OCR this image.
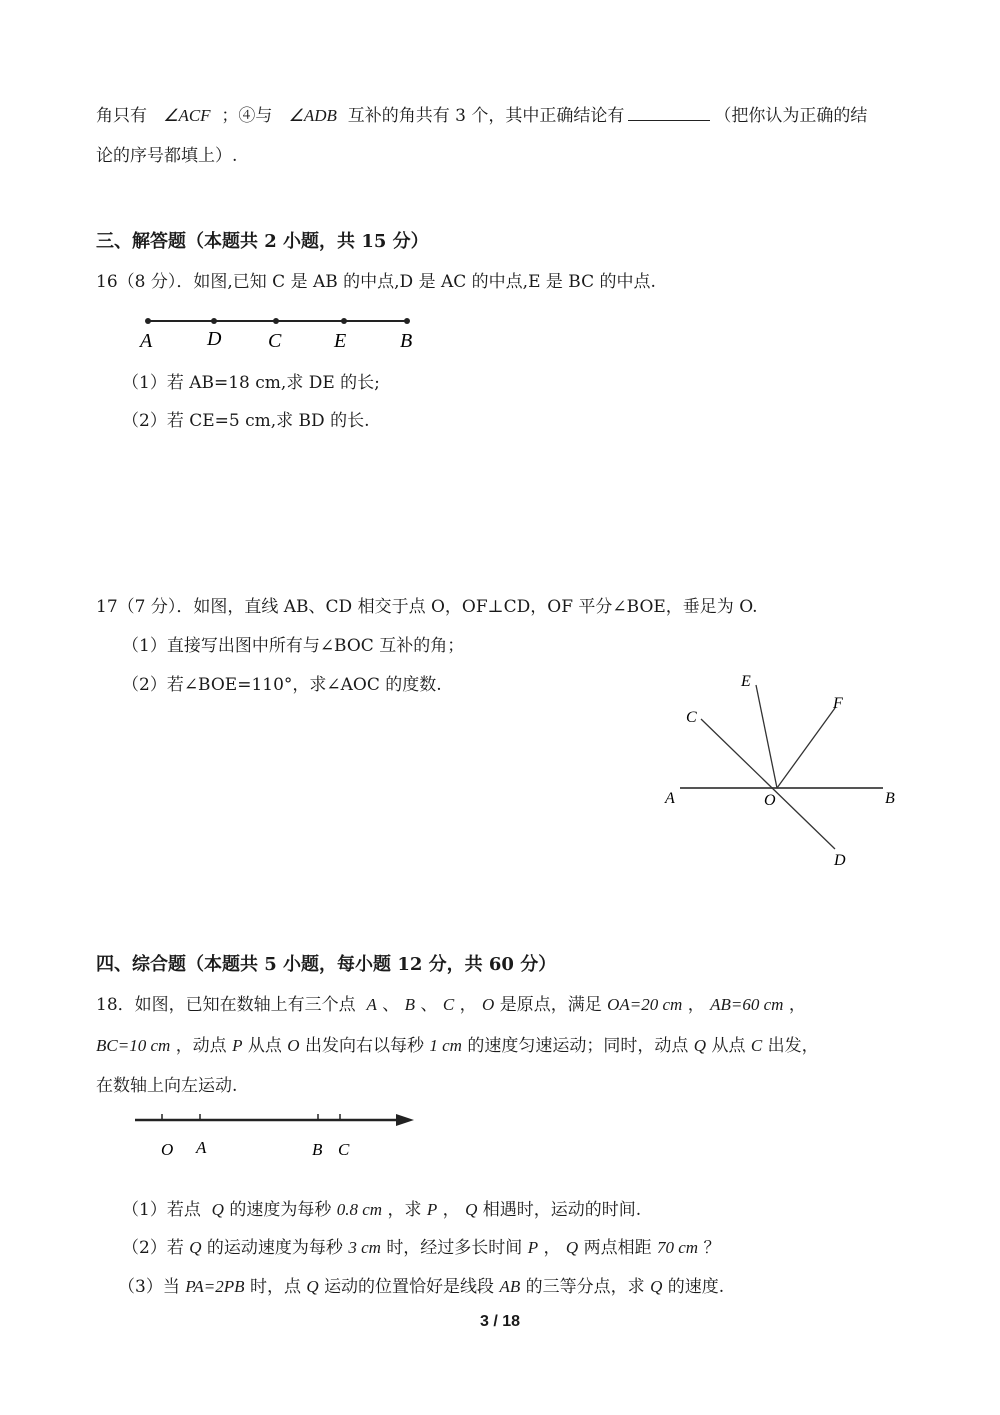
角只有 ∠ACF ；④与 ∠ADB 互补的角共有 3 个，其中正确结论有	（把你认为正确的结
论的序号都填上）.
三、解答题（本题共 2 小题，共 15 分）
16（8 分）．如图,已知 C 是 AB 的中点,D 是 AC 的中点,E 是 BC 的中点.
A	D C	E	B
（1）若 AB=18 cm,求 DE 的长;
（2）若 CE=5 cm,求 BD 的长.
17（7 分）．如图，直线 AB、CD 相交于点 O，OF⊥CD，OF 平分∠BOE，垂足为 O.
（1）直接写出图中所有与∠BOC 互补的角；
（2）若∠BOE=110°，求∠AOC 的度数.	E
F
C
A	O	B
D
四、综合题（本题共 5 小题，每小题 12 分，共 60 分）
18．如图，已知在数轴上有三个点 A 、 B 、 C ， O 是原点，满足 OA=20 cm ， AB=60 cm ，
BC=10 cm ，动点 P 从点 O 出发向右以每秒 1 cm 的速度匀速运动；同时，动点 Q 从点 C 出发，
在数轴上向左运动.
O A	B C
（1）若点 Q 的速度为每秒 0.8 cm ，求 P ， Q 相遇时，运动的时间.
（2）若 Q 的运动速度为每秒 3 cm 时，经过多长时间 P ， Q 两点相距 70 cm ？
（3）当 PA=2PB 时，点 Q 运动的位置恰好是线段 AB 的三等分点，求 Q 的速度.
3 / 18
